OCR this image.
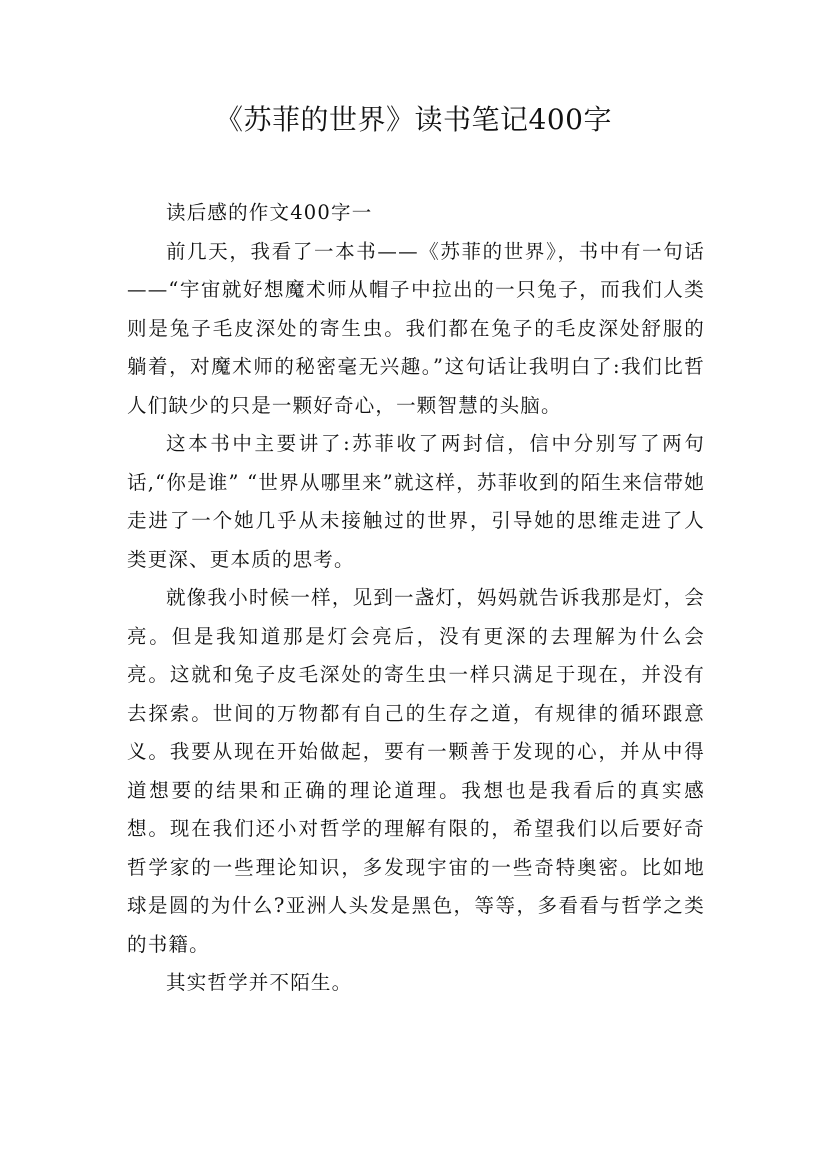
《苏菲的世界》读书笔记400字

读后感的作文400字一

前几天，我看了一本书——《苏菲的世界》，书中有一句话——“宇宙就好想魔术师从帽子中拉出的一只兔子，而我们人类则是兔子毛皮深处的寄生虫。我们都在兔子的毛皮深处舒服的躺着，对魔术师的秘密毫无兴趣。”这句话让我明白了:我们比哲人们缺少的只是一颗好奇心，一颗智慧的头脑。

这本书中主要讲了:苏菲收了两封信，信中分别写了两句话,“你是谁” “世界从哪里来”就这样，苏菲收到的陌生来信带她走进了一个她几乎从未接触过的世界，引导她的思维走进了人类更深、更本质的思考。

就像我小时候一样，见到一盏灯，妈妈就告诉我那是灯，会亮。但是我知道那是灯会亮后，没有更深的去理解为什么会亮。这就和兔子皮毛深处的寄生虫一样只满足于现在，并没有去探索。世间的万物都有自己的生存之道，有规律的循环跟意义。我要从现在开始做起，要有一颗善于发现的心，并从中得道想要的结果和正确的理论道理。我想也是我看后的真实感想。现在我们还小对哲学的理解有限的，希望我们以后要好奇哲学家的一些理论知识，多发现宇宙的一些奇特奥密。比如地球是圆的为什么?亚洲人头发是黑色，等等，多看看与哲学之类的书籍。

其实哲学并不陌生。
